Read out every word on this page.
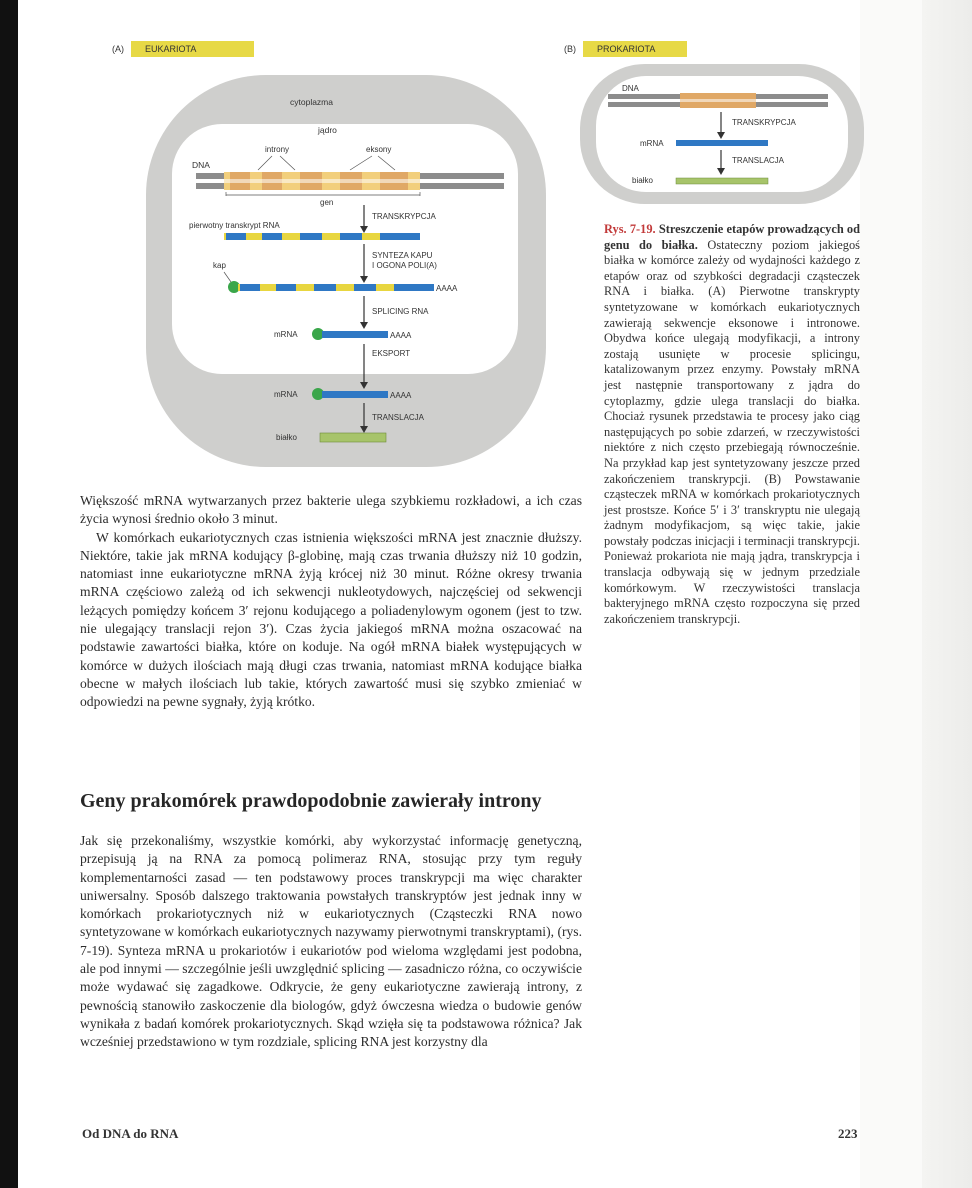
(A)	EUKARIOTA	(B)	PROKARIOTA
cytoplazma
jądro
introny	eksony
DNA
gen
TRANSKRYPCJA
pierwotny transkrypt RNA
SYNTEZA KAPU
I OGONA POLI(A)
kap
AAAA
SPLICING RNA
mRNA	AAAA
EKSPORT
mRNA	AAAA
TRANSLACJA
białko
DNA
TRANSKRYPCJA
mRNA
TRANSLACJA
białko
Rys. 7-19. Streszczenie etapów prowadzących od genu do białka. Ostateczny poziom jakiegoś białka w komórce zależy od wydajności każdego z etapów oraz od szybkości degradacji cząsteczek RNA i białka. (A) Pierwotne transkrypty syntetyzowane w komórkach eukariotycznych zawierają sekwencje eksonowe i intronowe. Obydwa końce ulegają modyfikacji, a introny zostają usunięte w procesie splicingu, katalizowanym przez enzymy. Powstały mRNA jest następnie transportowany z jądra do cytoplazmy, gdzie ulega translacji do białka. Chociaż rysunek przedstawia te procesy jako ciąg następujących po sobie zdarzeń, w rzeczywistości niektóre z nich często przebiegają równocześnie. Na przykład kap jest syntetyzowany jeszcze przed zakończeniem transkrypcji. (B) Powstawanie cząsteczek mRNA w komórkach prokariotycznych jest prostsze. Końce 5′ i 3′ transkryptu nie ulegają żadnym modyfikacjom, są więc takie, jakie powstały podczas inicjacji i terminacji transkrypcji. Ponieważ prokariota nie mają jądra, transkrypcja i translacja odbywają się w jednym przedziale komórkowym. W rzeczywistości translacja bakteryjnego mRNA często rozpoczyna się przed zakończeniem transkrypcji.

Większość mRNA wytwarzanych przez bakterie ulega szybkiemu rozkładowi, a ich czas życia wynosi średnio około 3 minut.

W komórkach eukariotycznych czas istnienia większości mRNA jest znacznie dłuższy. Niektóre, takie jak mRNA kodujący β-globinę, mają czas trwania dłuższy niż 10 godzin, natomiast inne eukariotyczne mRNA żyją krócej niż 30 minut. Różne okresy trwania mRNA częściowo zależą od ich sekwencji nukleotydowych, najczęściej od sekwencji leżących pomiędzy końcem 3′ rejonu kodującego a poliadenylowym ogonem (jest to tzw. nie ulegający translacji rejon 3′). Czas życia jakiegoś mRNA można oszacować na podstawie zawartości białka, które on koduje. Na ogół mRNA białek występujących w komórce w dużych ilościach mają długi czas trwania, natomiast mRNA kodujące białka obecne w małych ilościach lub takie, których zawartość musi się szybko zmieniać w odpowiedzi na pewne sygnały, żyją krótko.

Geny prakomórek prawdopodobnie zawierały introny

Jak się przekonaliśmy, wszystkie komórki, aby wykorzystać informację genetyczną, przepisują ją na RNA za pomocą polimeraz RNA, stosując przy tym reguły komplementarności zasad — ten podstawowy proces transkrypcji ma więc charakter uniwersalny. Sposób dalszego traktowania powstałych transkryptów jest jednak inny w komórkach prokariotycznych niż w eukariotycznych (Cząsteczki RNA nowo syntetyzowane w komórkach eukariotycznych nazywamy pierwotnymi transkryptami), (rys. 7-19). Synteza mRNA u prokariotów i eukariotów pod wieloma względami jest podobna, ale pod innymi — szczególnie jeśli uwzględnić splicing — zasadniczo różna, co oczywiście może wydawać się zagadkowe. Odkrycie, że geny eukariotyczne zawierają introny, z pewnością stanowiło zaskoczenie dla biologów, gdyż ówczesna wiedza o budowie genów wynikała z badań komórek prokariotycznych. Skąd wzięła się ta podstawowa różnica? Jak wcześniej przedstawiono w tym rozdziale, splicing RNA jest korzystny dla

Od DNA do RNA	223
